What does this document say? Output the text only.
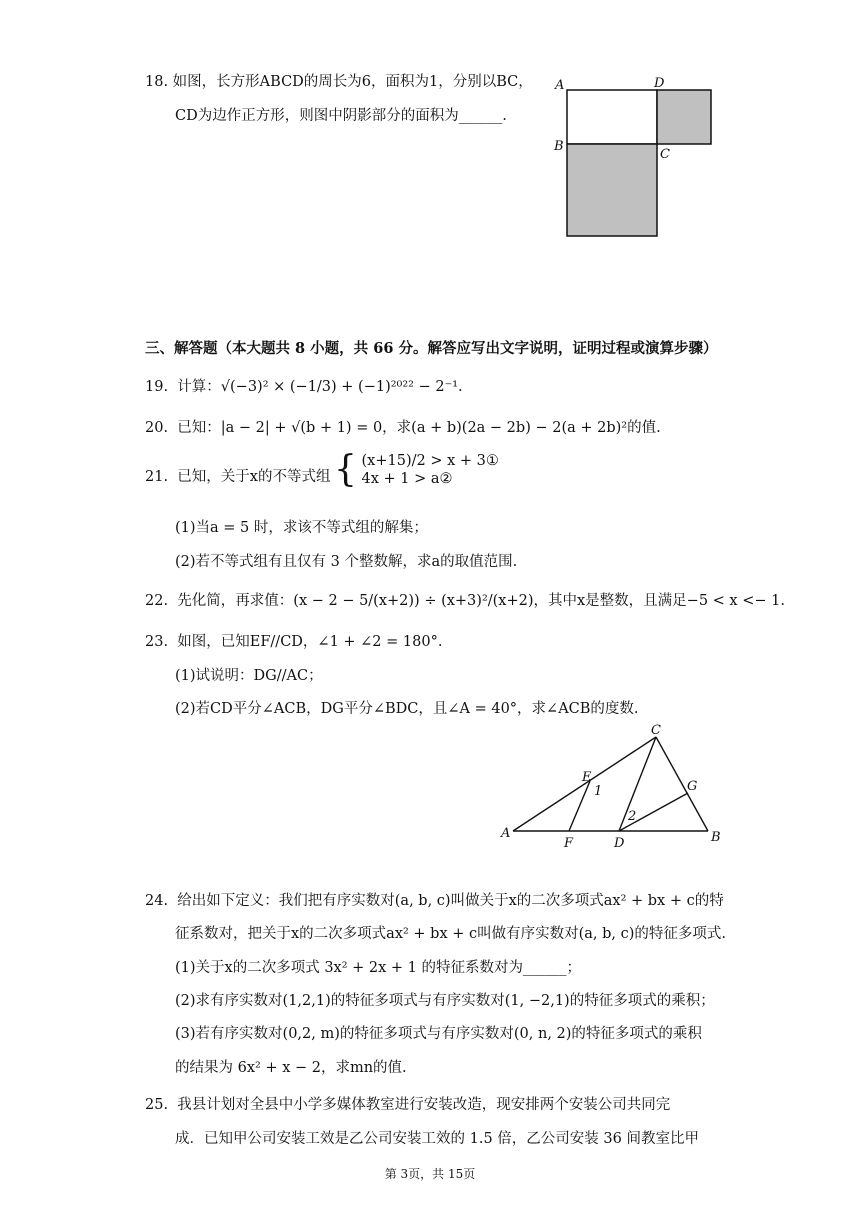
18. 如图，长方形ABCD的周长为6，面积为1，分别以BC，
CD为边作正方形，则图中阴影部分的面积为______.
A	D
B
C
三、解答题（本大题共 8 小题，共 66 分。解答应写出文字说明，证明过程或演算步骤）
19. 计算：√(−3)² × (−1/3) + (−1)²⁰²² − 2⁻¹.
20. 已知：|a − 2| + √(b + 1) = 0，求(a + b)(2a − 2b) − 2(a + 2b)²的值.
21. 已知，关于x的不等式组 { (x+15)/2 > x + 3①
4x + 1 > a②
(1)当a = 5 时，求该不等式组的解集；
(2)若不等式组有且仅有 3 个整数解，求a的取值范围.
22. 先化简，再求值：(x − 2 − 5/(x+2)) ÷ (x+3)²/(x+2)，其中x是整数，且满足−5 < x <− 1.
23. 如图，已知EF//CD，∠1 + ∠2 = 180°.
(1)试说明：DG//AC；
(2)若CD平分∠ACB，DG平分∠BDC，且∠A = 40°，求∠ACB的度数.
C
E
1	G
2
A
F	D	B
24. 给出如下定义：我们把有序实数对(a, b, c)叫做关于x的二次多项式ax² + bx + c的特
征系数对，把关于x的二次多项式ax² + bx + c叫做有序实数对(a, b, c)的特征多项式.
(1)关于x的二次多项式 3x² + 2x + 1 的特征系数对为______；
(2)求有序实数对(1,2,1)的特征多项式与有序实数对(1, −2,1)的特征多项式的乘积；
(3)若有序实数对(0,2, m)的特征多项式与有序实数对(0, n, 2)的特征多项式的乘积
的结果为 6x² + x − 2，求mn的值.
25. 我县计划对全县中小学多媒体教室进行安装改造，现安排两个安装公司共同完
成．已知甲公司安装工效是乙公司安装工效的 1.5 倍，乙公司安装 36 间教室比甲
第 3页，共 15页
